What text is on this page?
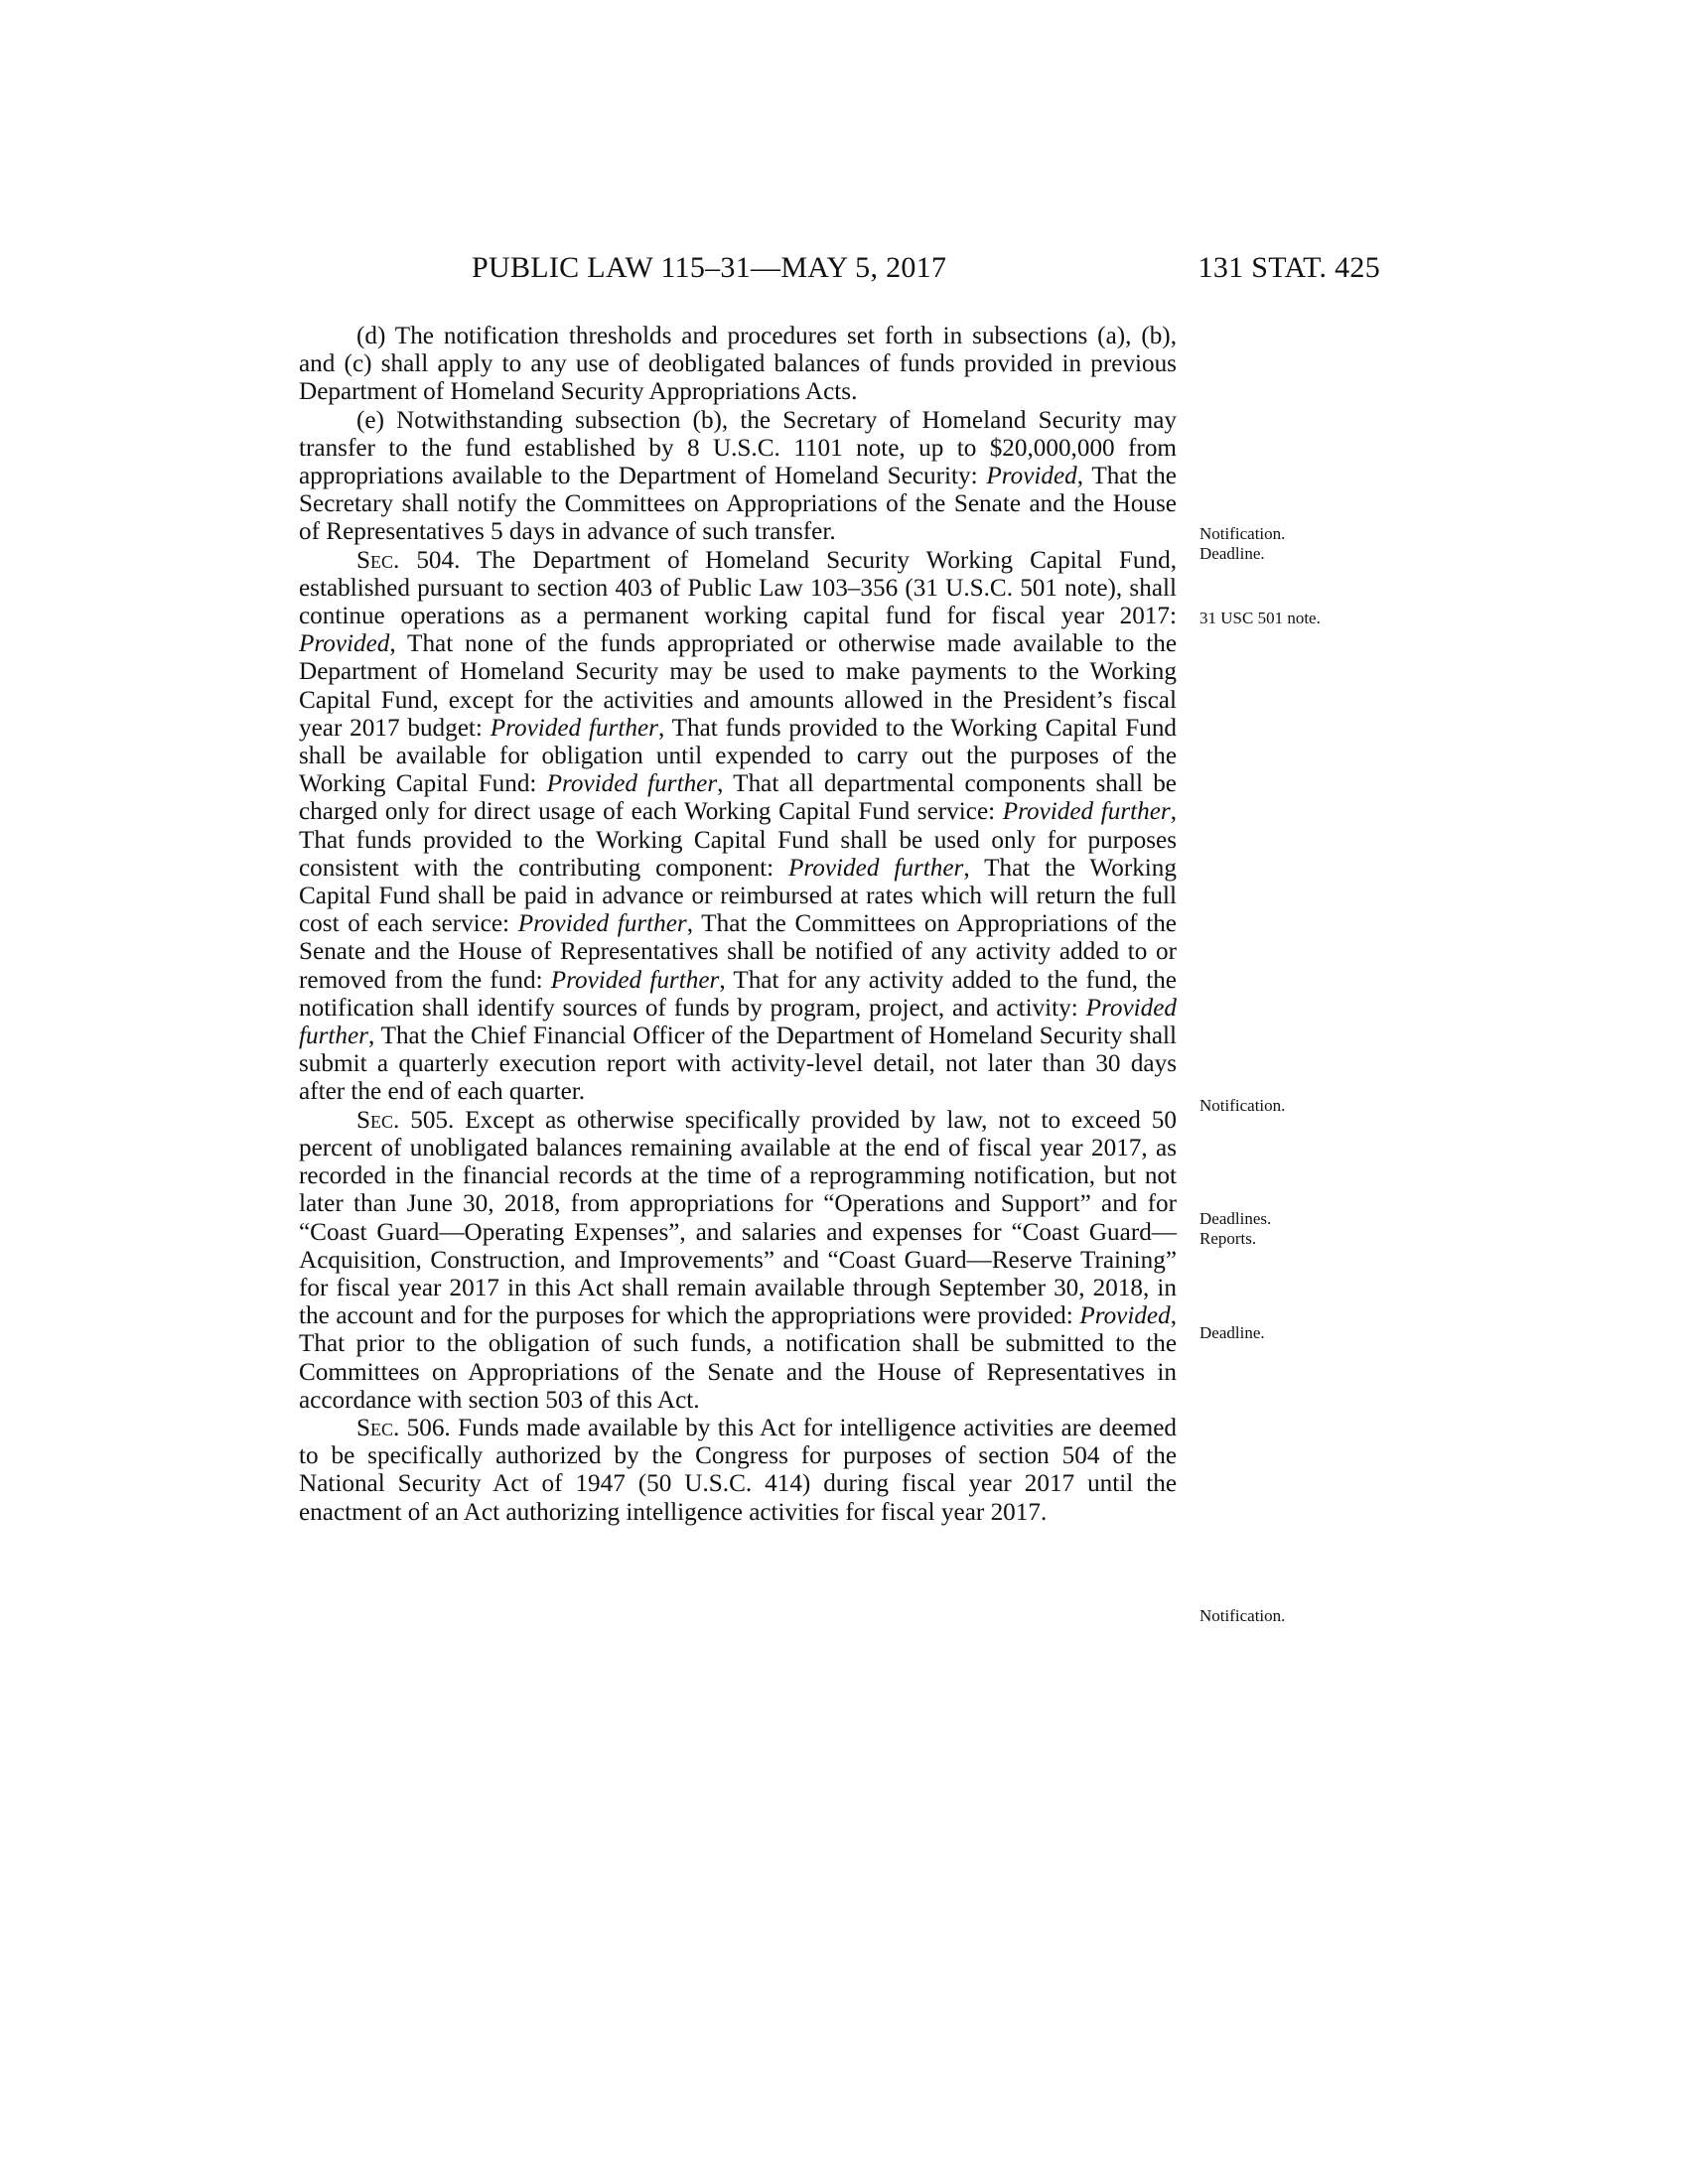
PUBLIC LAW 115–31—MAY 5, 2017	131 STAT. 425

(d) The notification thresholds and procedures set forth in subsections (a), (b), and (c) shall apply to any use of deobligated balances of funds provided in previous Department of Homeland Security Appropriations Acts.

(e) Notwithstanding subsection (b), the Secretary of Homeland Security may transfer to the fund established by 8 U.S.C. 1101 note, up to $20,000,000 from appropriations available to the Department of Homeland Security: Provided, That the Secretary shall notify the Committees on Appropriations of the Senate and the House of Representatives 5 days in advance of such transfer.

Sec. 504. The Department of Homeland Security Working Capital Fund, established pursuant to section 403 of Public Law 103–356 (31 U.S.C. 501 note), shall continue operations as a permanent working capital fund for fiscal year 2017: Provided, That none of the funds appropriated or otherwise made available to the Department of Homeland Security may be used to make payments to the Working Capital Fund, except for the activities and amounts allowed in the President’s fiscal year 2017 budget: Provided further, That funds provided to the Working Capital Fund shall be available for obligation until expended to carry out the purposes of the Working Capital Fund: Provided further, That all departmental components shall be charged only for direct usage of each Working Capital Fund service: Provided further, That funds provided to the Working Capital Fund shall be used only for purposes consistent with the contributing component: Provided further, That the Working Capital Fund shall be paid in advance or reimbursed at rates which will return the full cost of each service: Provided further, That the Committees on Appropriations of the Senate and the House of Representatives shall be notified of any activity added to or removed from the fund: Provided further, That for any activity added to the fund, the notification shall identify sources of funds by program, project, and activity: Provided further, That the Chief Financial Officer of the Department of Homeland Security shall submit a quarterly execution report with activity-level detail, not later than 30 days after the end of each quarter.

Sec. 505. Except as otherwise specifically provided by law, not to exceed 50 percent of unobligated balances remaining available at the end of fiscal year 2017, as recorded in the financial records at the time of a reprogramming notification, but not later than June 30, 2018, from appropriations for “Operations and Support” and for “Coast Guard—Operating Expenses”, and salaries and expenses for “Coast Guard—Acquisition, Construction, and Improvements” and “Coast Guard—Reserve Training” for fiscal year 2017 in this Act shall remain available through September 30, 2018, in the account and for the purposes for which the appropriations were provided: Provided, That prior to the obligation of such funds, a notification shall be submitted to the Committees on Appropriations of the Senate and the House of Representatives in accordance with section 503 of this Act.

Sec. 506. Funds made available by this Act for intelligence activities are deemed to be specifically authorized by the Congress for purposes of section 504 of the National Security Act of 1947 (50 U.S.C. 414) during fiscal year 2017 until the enactment of an Act authorizing intelligence activities for fiscal year 2017.

Notification.
Deadline.
31 USC 501 note.
Notification.
Deadlines.
Reports.
Deadline.
Notification.
